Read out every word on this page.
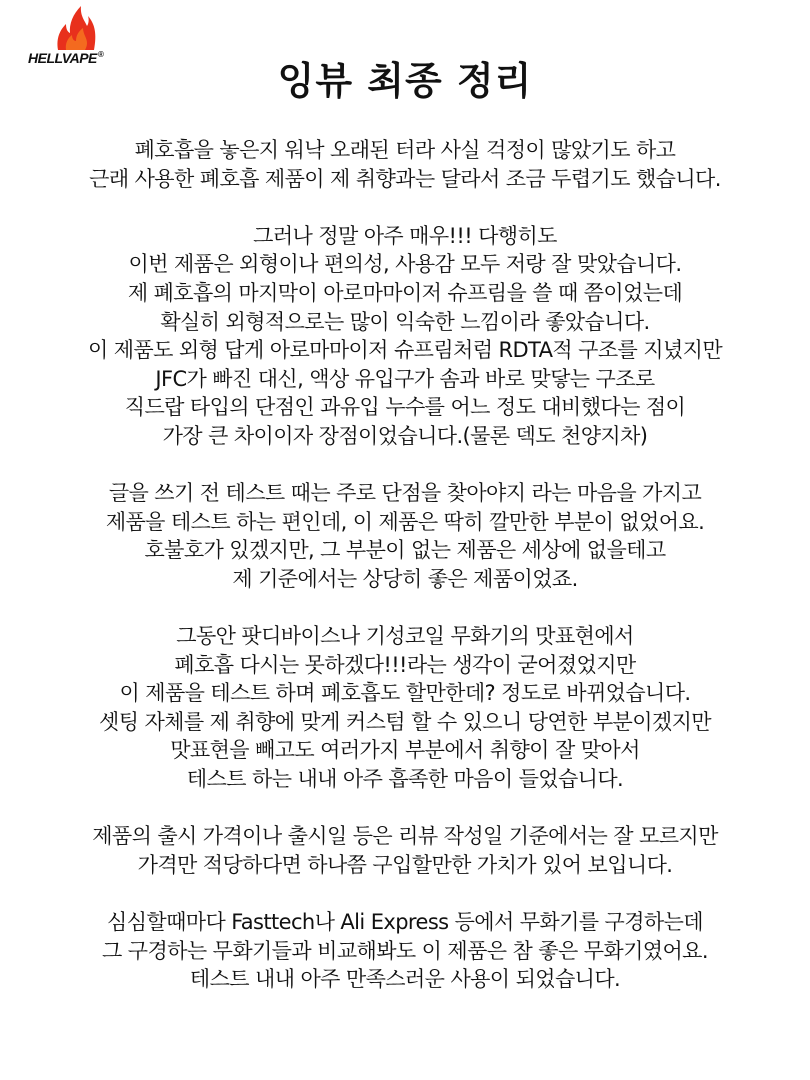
HELLVAPE®
잉뷰 최종 정리
폐호흡을 놓은지 워낙 오래된 터라 사실 걱정이 많았기도 하고
근래 사용한 폐호흡 제품이 제 취향과는 달라서 조금 두렵기도 했습니다.
그러나 정말 아주 매우!!! 다행히도
이번 제품은 외형이나 편의성, 사용감 모두 저랑 잘 맞았습니다.
제 폐호흡의 마지막이 아로마마이저 슈프림을 쓸 때 쯤이었는데
확실히 외형적으로는 많이 익숙한 느낌이라 좋았습니다.
이 제품도 외형 답게 아로마마이저 슈프림처럼 RDTA적 구조를 지녔지만
JFC가 빠진 대신, 액상 유입구가 솜과 바로 맞닿는 구조로
직드랍 타입의 단점인 과유입 누수를 어느 정도 대비했다는 점이
가장 큰 차이이자 장점이었습니다.(물론 덱도 천양지차)
글을 쓰기 전 테스트 때는 주로 단점을 찾아야지 라는 마음을 가지고
제품을 테스트 하는 편인데, 이 제품은 딱히 깔만한 부분이 없었어요.
호불호가 있겠지만, 그 부분이 없는 제품은 세상에 없을테고
제 기준에서는 상당히 좋은 제품이었죠.
그동안 팟디바이스나 기성코일 무화기의 맛표현에서
폐호흡 다시는 못하겠다!!!라는 생각이 굳어졌었지만
이 제품을 테스트 하며 폐호흡도 할만한데? 정도로 바뀌었습니다.
셋팅 자체를 제 취향에 맞게 커스텀 할 수 있으니 당연한 부분이겠지만
맛표현을 빼고도 여러가지 부분에서 취향이 잘 맞아서
테스트 하는 내내 아주 흡족한 마음이 들었습니다.
제품의 출시 가격이나 출시일 등은 리뷰 작성일 기준에서는 잘 모르지만
가격만 적당하다면 하나쯤 구입할만한 가치가 있어 보입니다.
심심할때마다 Fasttech나 Ali Express 등에서 무화기를 구경하는데
그 구경하는 무화기들과 비교해봐도 이 제품은 참 좋은 무화기였어요.
테스트 내내 아주 만족스러운 사용이 되었습니다.
